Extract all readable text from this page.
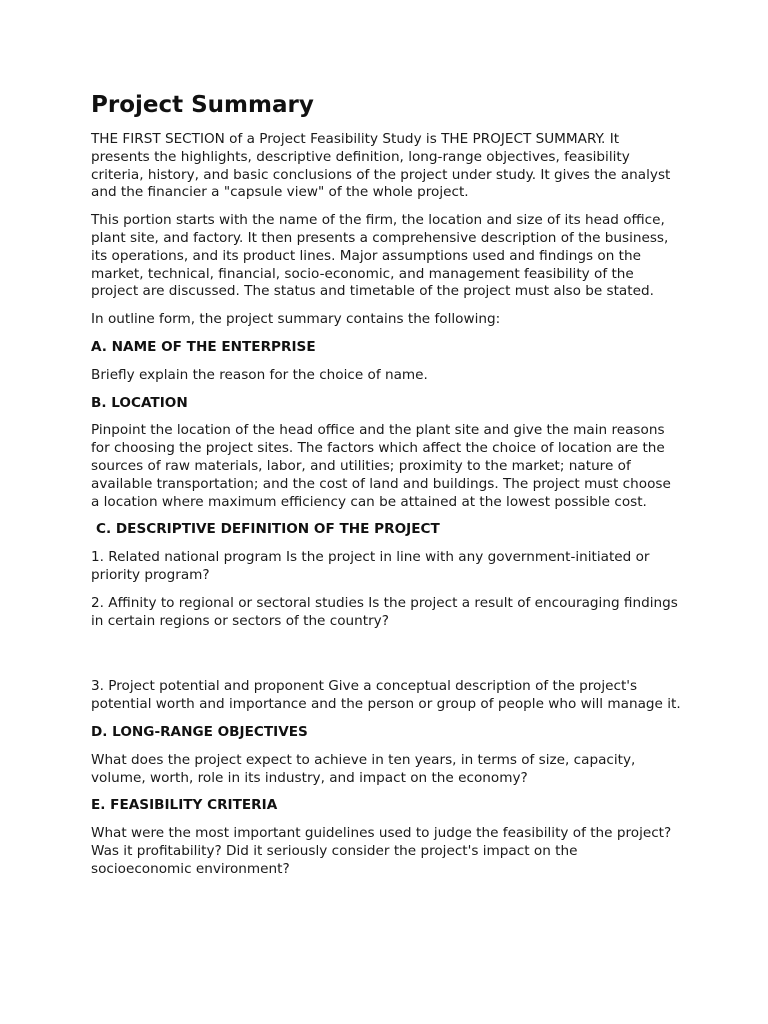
Project Summary

THE FIRST SECTION of a Project Feasibility Study is THE PROJECT SUMMARY. It presents the highlights, descriptive definition, long-range objectives, feasibility criteria, history, and basic conclusions of the project under study. It gives the analyst and the financier a "capsule view" of the whole project.

This portion starts with the name of the firm, the location and size of its head office, plant site, and factory. It then presents a comprehensive description of the business, its operations, and its product lines. Major assumptions used and findings on the market, technical, financial, socio-economic, and management feasibility of the project are discussed. The status and timetable of the project must also be stated.

In outline form, the project summary contains the following:

A. NAME OF THE ENTERPRISE

Briefly explain the reason for the choice of name.

B. LOCATION

Pinpoint the location of the head office and the plant site and give the main reasons for choosing the project sites. The factors which affect the choice of location are the sources of raw materials, labor, and utilities; proximity to the market; nature of available transportation; and the cost of land and buildings. The project must choose a location where maximum efficiency can be attained at the lowest possible cost.

C. DESCRIPTIVE DEFINITION OF THE PROJECT

1. Related national program Is the project in line with any government-initiated or priority program?

2. Affinity to regional or sectoral studies Is the project a result of encouraging findings in certain regions or sectors of the country?

3. Project potential and proponent Give a conceptual description of the project's potential worth and importance and the person or group of people who will manage it.

D. LONG-RANGE OBJECTIVES

What does the project expect to achieve in ten years, in terms of size, capacity, volume, worth, role in its industry, and impact on the economy?

E. FEASIBILITY CRITERIA

What were the most important guidelines used to judge the feasibility of the project? Was it profitability? Did it seriously consider the project's impact on the socioeconomic environment?
